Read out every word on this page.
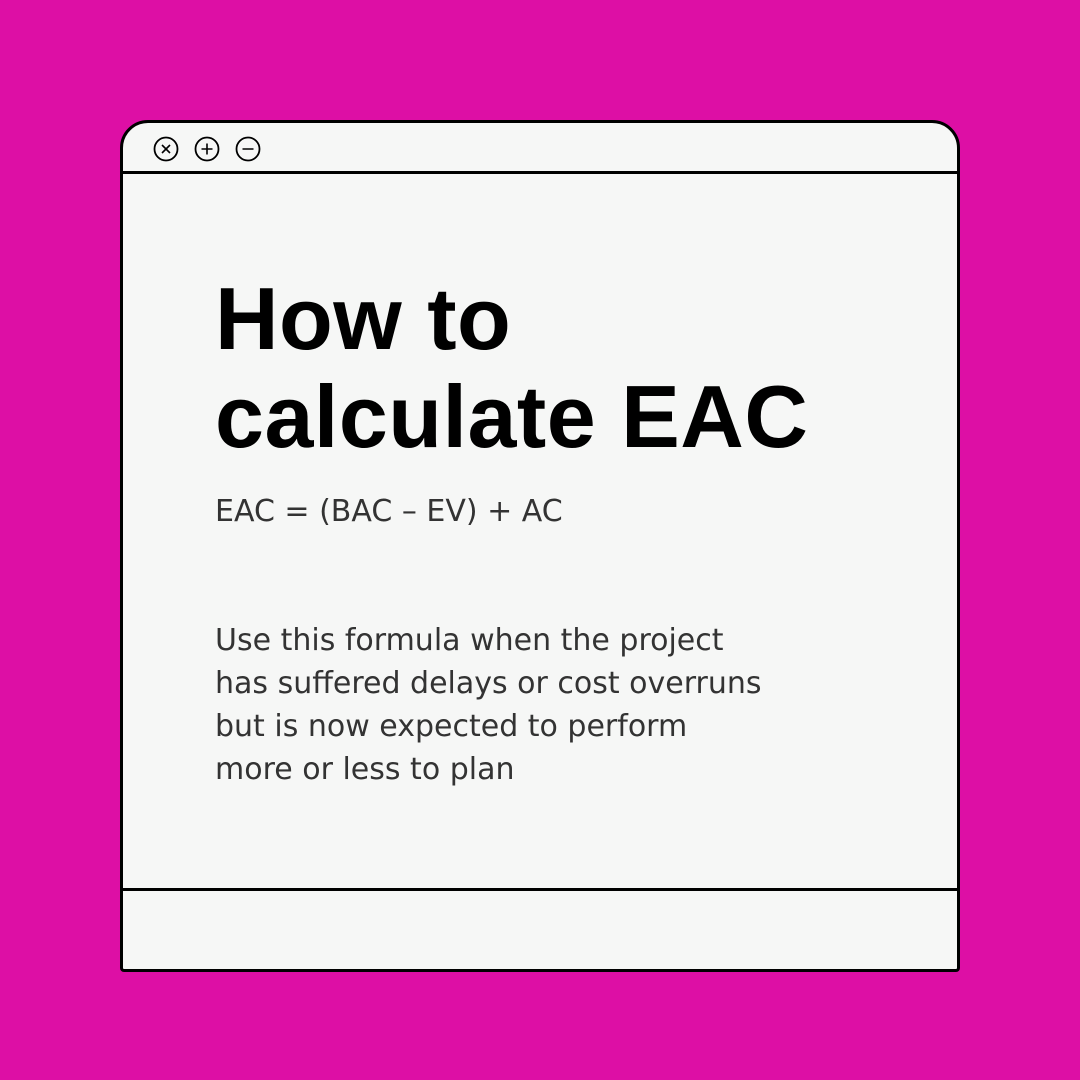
How to
calculate EAC

EAC = (BAC – EV) + AC

Use this formula when the project
has suffered delays or cost overruns
but is now expected to perform
more or less to plan
